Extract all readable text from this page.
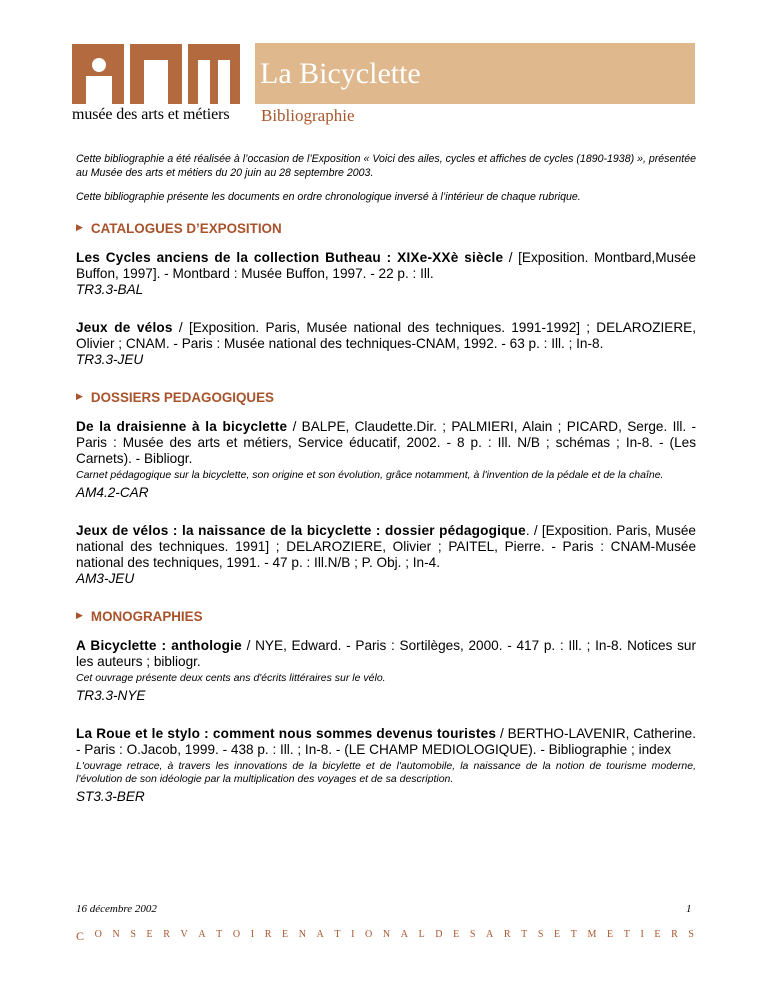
musée des arts et métiers
La Bicyclette
Bibliographie

Cette bibliographie a été réalisée à l’occasion de l’Exposition « Voici des ailes, cycles et affiches de cycles (1890-1938) », présentée au Musée des arts et métiers du 20 juin au 28 septembre 2003.

Cette bibliographie présente les documents en ordre chronologique inversé à l’intérieur de chaque rubrique.

▶ CATALOGUES D’EXPOSITION

Les Cycles anciens de la collection Butheau : XIXe-XXè siècle / [Exposition. Montbard,Musée Buffon, 1997]. - Montbard : Musée Buffon, 1997. - 22 p. : Ill.

TR3.3-BAL

Jeux de vélos / [Exposition. Paris, Musée national des techniques. 1991-1992] ; DELAROZIERE, Olivier ; CNAM. - Paris : Musée national des techniques-CNAM, 1992. - 63 p. : Ill. ; In-8.

TR3.3-JEU

▶ DOSSIERS PEDAGOGIQUES

De la draisienne à la bicyclette / BALPE, Claudette.Dir. ; PALMIERI, Alain ; PICARD, Serge. Ill. - Paris : Musée des arts et métiers, Service éducatif, 2002. - 8 p. : Ill. N/B ; schémas ; In-8. - (Les Carnets). - Bibliogr.

Carnet pédagogique sur la bicyclette, son origine et son évolution, grâce notamment, à l'invention de la pédale et de la chaîne.

AM4.2-CAR

Jeux de vélos : la naissance de la bicyclette : dossier pédagogique. / [Exposition. Paris, Musée national des techniques. 1991] ; DELAROZIERE, Olivier ; PAITEL, Pierre. - Paris : CNAM-Musée national des techniques, 1991. - 47 p. : Ill.N/B ; P. Obj. ; In-4.

AM3-JEU

▶ MONOGRAPHIES

A Bicyclette : anthologie / NYE, Edward. - Paris : Sortilèges, 2000. - 417 p. : Ill. ; In-8. Notices sur les auteurs ; bibliogr.

Cet ouvrage présente deux cents ans d'écrits littéraires sur le vélo.

TR3.3-NYE

La Roue et le stylo : comment nous sommes devenus touristes / BERTHO-LAVENIR, Catherine. - Paris : O.Jacob, 1999. - 438 p. : Ill. ; In-8. - (LE CHAMP MEDIOLOGIQUE). - Bibliographie ; index

L'ouvrage retrace, à travers les innovations de la bicylette et de l'automobile, la naissance de la notion de tourisme moderne, l'évolution de son idéologie par la multiplication des voyages et de sa description.

ST3.3-BER

16 décembre 2002	1
C O N S E R V A T O I R E N A T I O N A L D E S A R T S E T M E T I E R S
